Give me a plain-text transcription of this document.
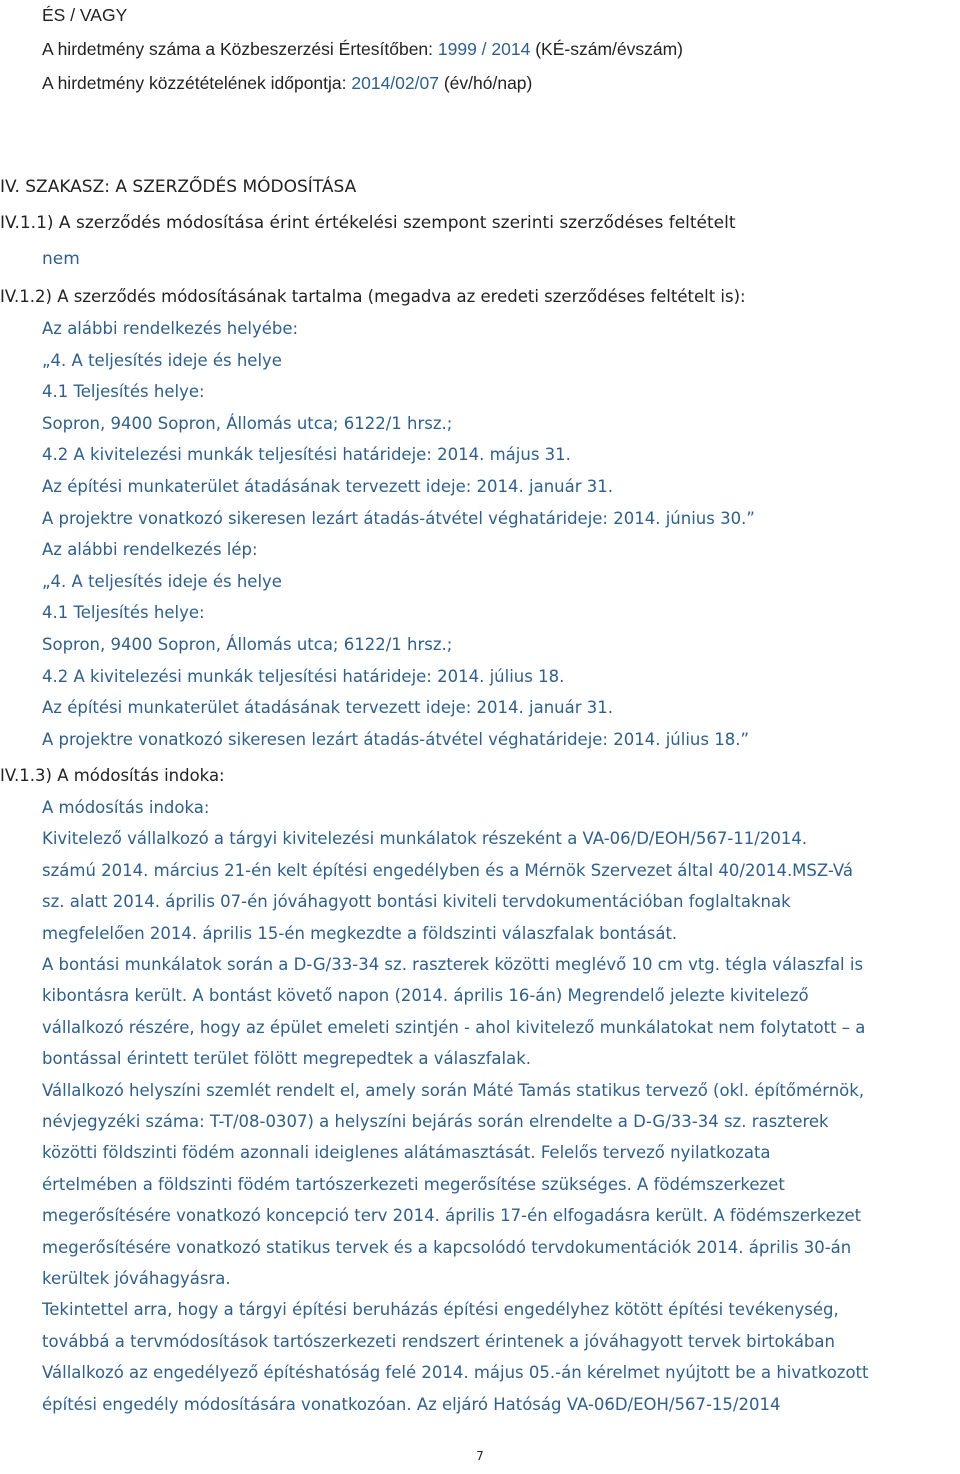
ÉS / VAGY
A hirdetmény száma a Közbeszerzési Értesítőben: 1999 / 2014 (KÉ-szám/évszám)
A hirdetmény közzétételének időpontja: 2014/02/07 (év/hó/nap)
IV. SZAKASZ: A SZERZŐDÉS MÓDOSÍTÁSA
IV.1.1) A szerződés módosítása érint értékelési szempont szerinti szerződéses feltételt
nem
IV.1.2) A szerződés módosításának tartalma (megadva az eredeti szerződéses feltételt is):
Az alábbi rendelkezés helyébe:
„4. A teljesítés ideje és helye
4.1 Teljesítés helye:
Sopron, 9400 Sopron, Állomás utca; 6122/1 hrsz.;
4.2 A kivitelezési munkák teljesítési határideje: 2014. május 31.
Az építési munkaterület átadásának tervezett ideje: 2014. január 31.
A projektre vonatkozó sikeresen lezárt átadás-átvétel véghatárideje: 2014. június 30.”
Az alábbi rendelkezés lép:
„4. A teljesítés ideje és helye
4.1 Teljesítés helye:
Sopron, 9400 Sopron, Állomás utca; 6122/1 hrsz.;
4.2 A kivitelezési munkák teljesítési határideje: 2014. július 18.
Az építési munkaterület átadásának tervezett ideje: 2014. január 31.
A projektre vonatkozó sikeresen lezárt átadás-átvétel véghatárideje: 2014. július 18.”
IV.1.3) A módosítás indoka:
A módosítás indoka:
Kivitelező vállalkozó a tárgyi kivitelezési munkálatok részeként a VA-06/D/EOH/567-11/2014.
számú 2014. március 21-én kelt építési engedélyben és a Mérnök Szervezet által 40/2014.MSZ-Vá
sz. alatt 2014. április 07-én jóváhagyott bontási kiviteli tervdokumentációban foglaltaknak
megfelelően 2014. április 15-én megkezdte a földszinti válaszfalak bontását.
A bontási munkálatok során a D-G/33-34 sz. raszterek közötti meglévő 10 cm vtg. tégla válaszfal is
kibontásra került. A bontást követő napon (2014. április 16-án) Megrendelő jelezte kivitelező
vállalkozó részére, hogy az épület emeleti szintjén - ahol kivitelező munkálatokat nem folytatott – a
bontással érintett terület fölött megrepedtek a válaszfalak.
Vállalkozó helyszíni szemlét rendelt el, amely során Máté Tamás statikus tervező (okl. építőmérnök,
névjegyzéki száma: T-T/08-0307) a helyszíni bejárás során elrendelte a D-G/33-34 sz. raszterek
közötti földszinti födém azonnali ideiglenes alátámasztását. Felelős tervező nyilatkozata
értelmében a földszinti födém tartószerkezeti megerősítése szükséges. A födémszerkezet
megerősítésére vonatkozó koncepció terv 2014. április 17-én elfogadásra került. A födémszerkezet
megerősítésére vonatkozó statikus tervek és a kapcsolódó tervdokumentációk 2014. április 30-án
kerültek jóváhagyásra.
Tekintettel arra, hogy a tárgyi építési beruházás építési engedélyhez kötött építési tevékenység,
továbbá a tervmódosítások tartószerkezeti rendszert érintenek a jóváhagyott tervek birtokában
Vállalkozó az engedélyező építéshatóság felé 2014. május 05.-án kérelmet nyújtott be a hivatkozott
építési engedély módosítására vonatkozóan. Az eljáró Hatóság VA-06D/EOH/567-15/2014
7
